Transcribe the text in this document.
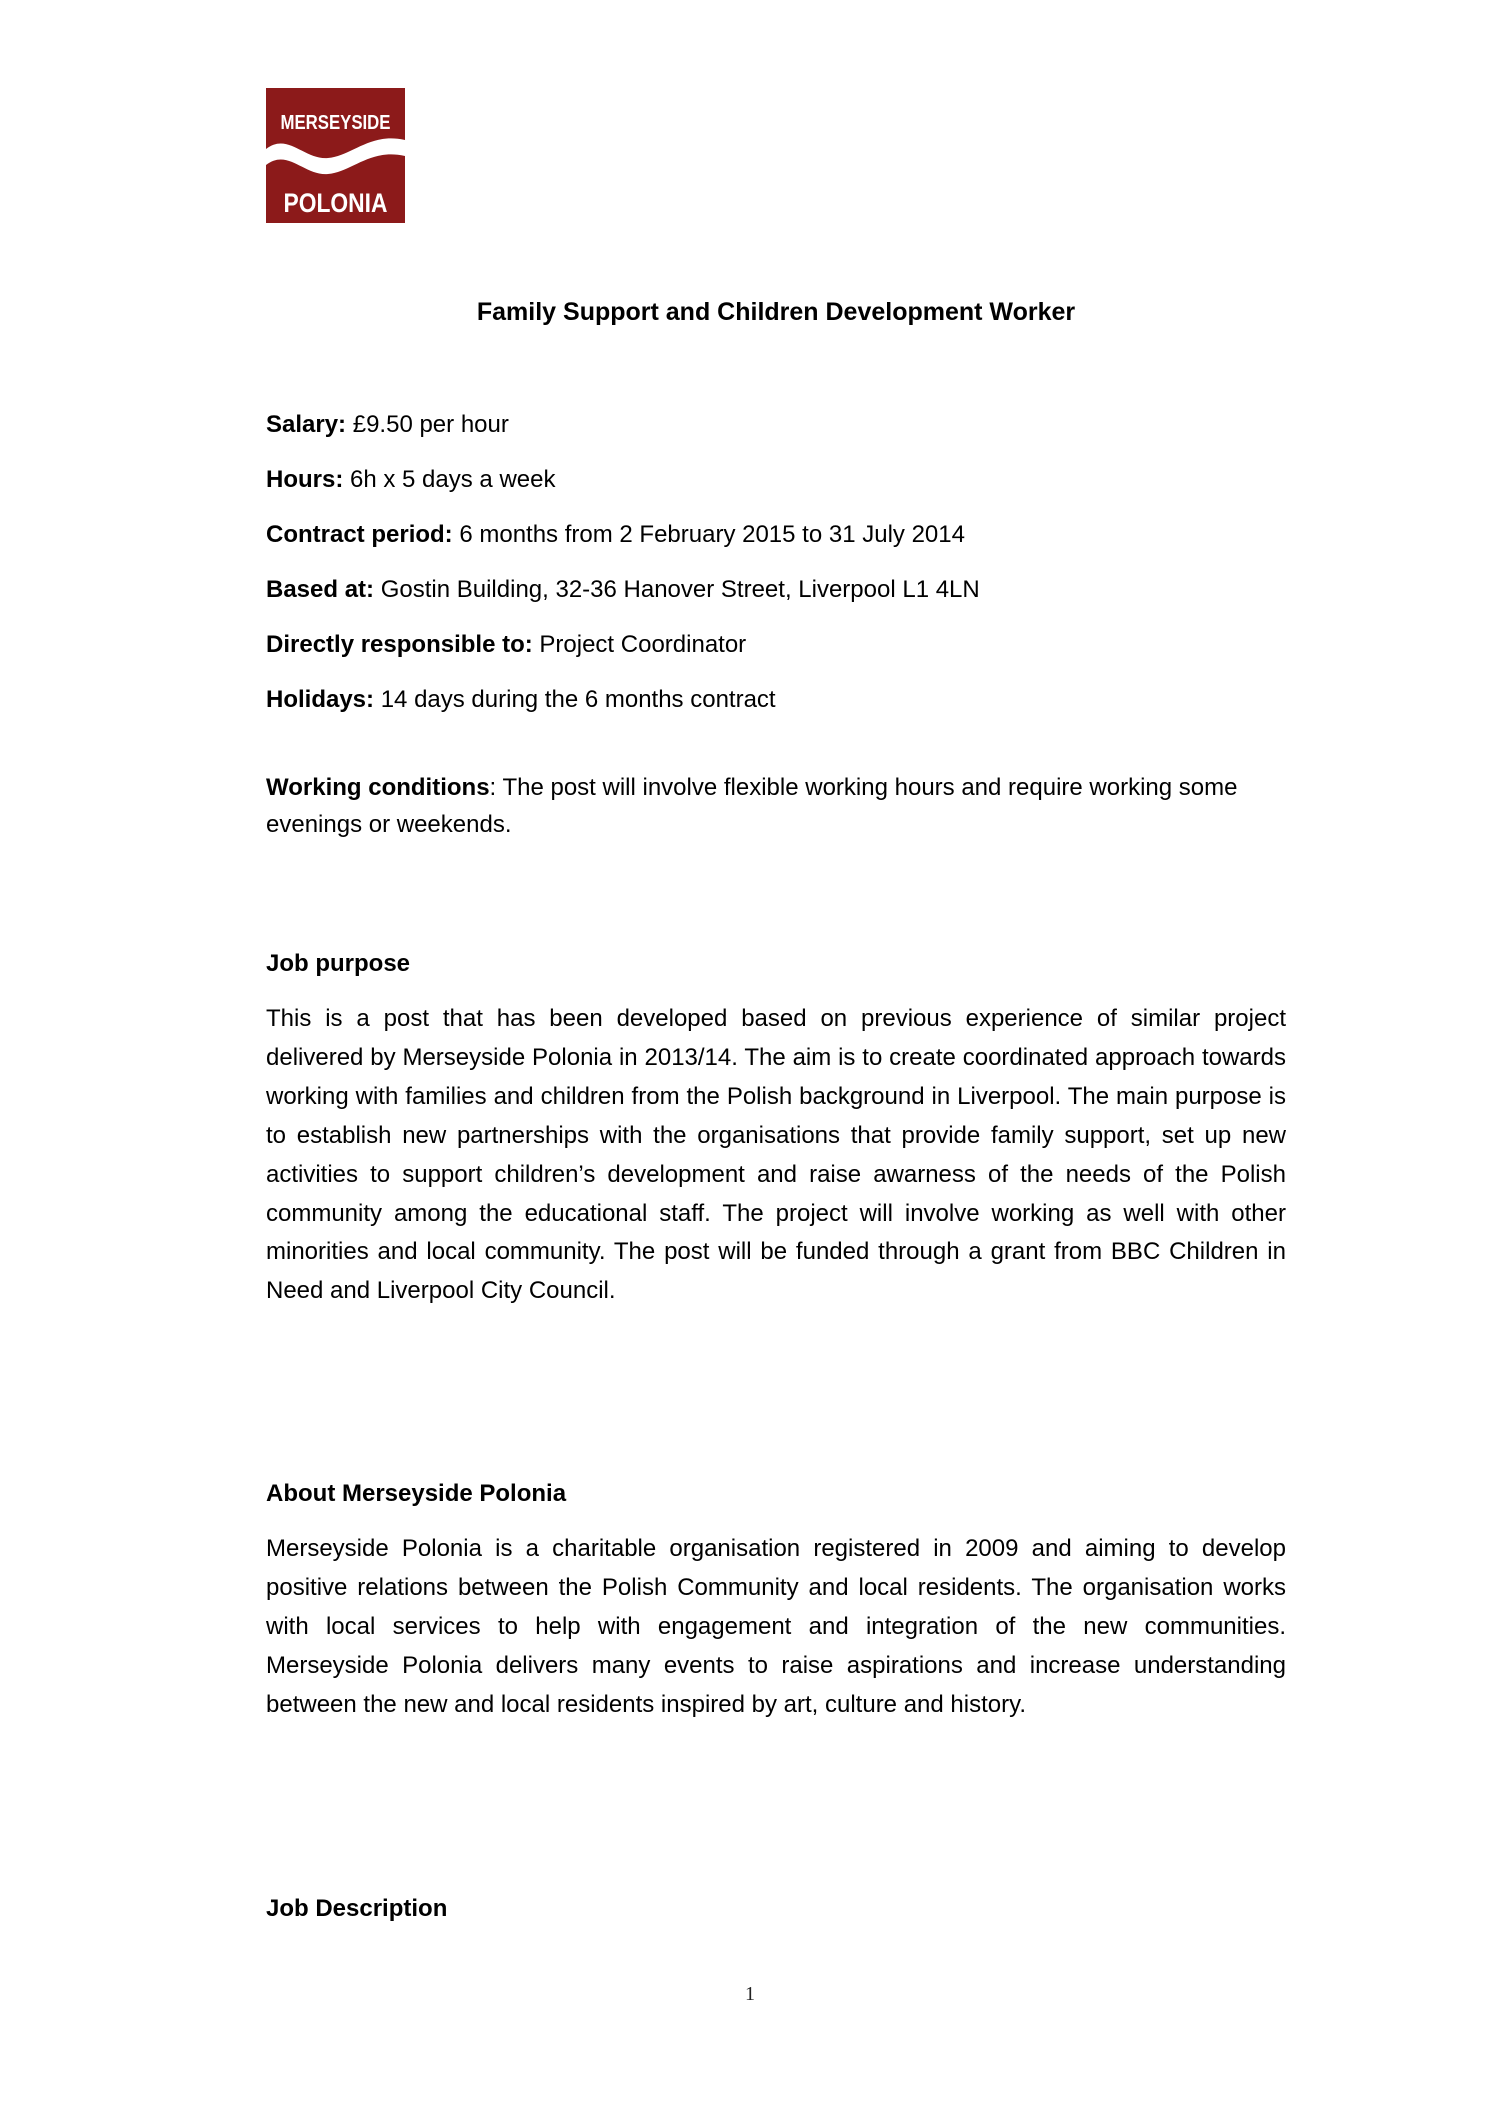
MERSEYSIDE
POLONIA
Family Support and Children Development Worker

Salary: £9.50 per hour

Hours: 6h x 5 days a week

Contract period: 6 months from 2 February 2015 to 31 July 2014

Based at: Gostin Building, 32-36 Hanover Street, Liverpool L1 4LN

Directly responsible to: Project Coordinator

Holidays: 14 days during the 6 months contract

Working conditions: The post will involve flexible working hours and require working some evenings or weekends.

Job purpose

This is a post that has been developed based on previous experience of similar project delivered by Merseyside Polonia in 2013/14. The aim is to create coordinated approach towards working with families and children from the Polish background in Liverpool. The main purpose is to establish new partnerships with the organisations that provide family support, set up new activities to support children’s development and raise awarness of the needs of the Polish community among the educational staff. The project will involve working as well with other minorities and local community. The post will be funded through a grant from BBC Children in Need and Liverpool City Council.

About Merseyside Polonia

Merseyside Polonia is a charitable organisation registered in 2009 and aiming to develop positive relations between the Polish Community and local residents. The organisation works with local services to help with engagement and integration of the new communities. Merseyside Polonia delivers many events to raise aspirations and increase understanding between the new and local residents inspired by art, culture and history.

Job Description
1
